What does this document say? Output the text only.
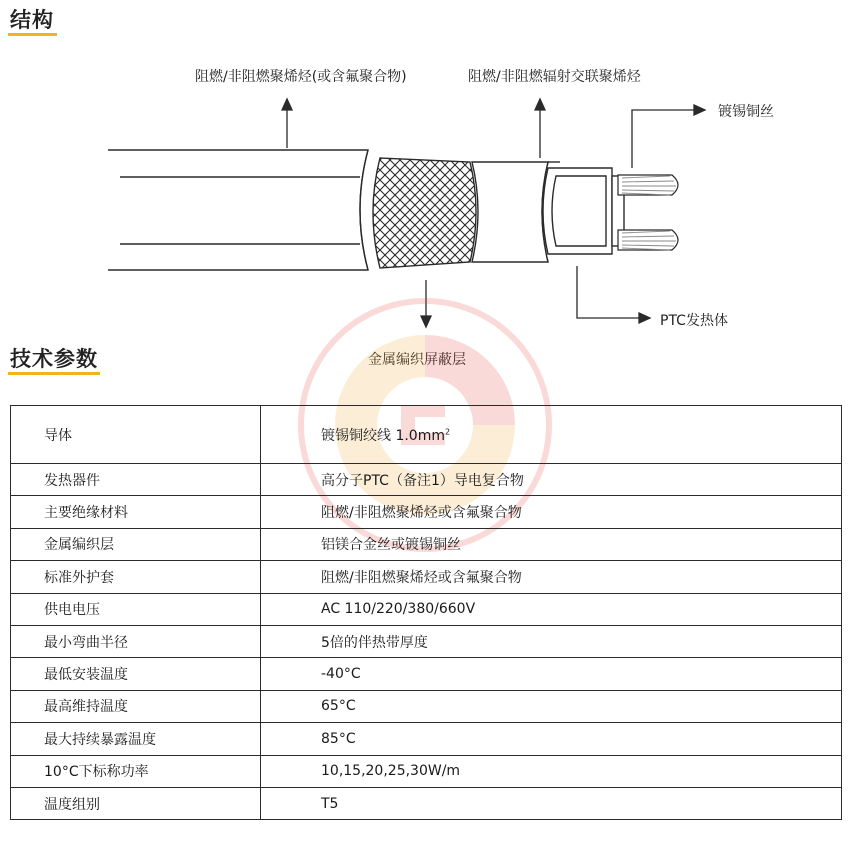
结构
阻燃/非阻燃聚烯烃(或含氟聚合物)	阻燃/非阻燃辐射交联聚烯烃
镀锡铜丝
PTC发热体
金属编织屏蔽层
技术参数
导体	镀锡铜绞线 $1.0mm^2$
发热器件	高分子PTC（备注1）导电复合物
主要绝缘材料	阻燃/非阻燃聚烯烃或含氟聚合物
金属编织层	铝镁合金丝或镀锡铜丝
标准外护套	阻燃/非阻燃聚烯烃或含氟聚合物
供电电压	AC 110/220/380/660V
最小弯曲半径	5倍的伴热带厚度
最低安装温度	-40°C
最高维持温度	65°C
最大持续暴露温度	85°C
10°C下标称功率	10,15,20,25,30W/m
温度组别	T5
